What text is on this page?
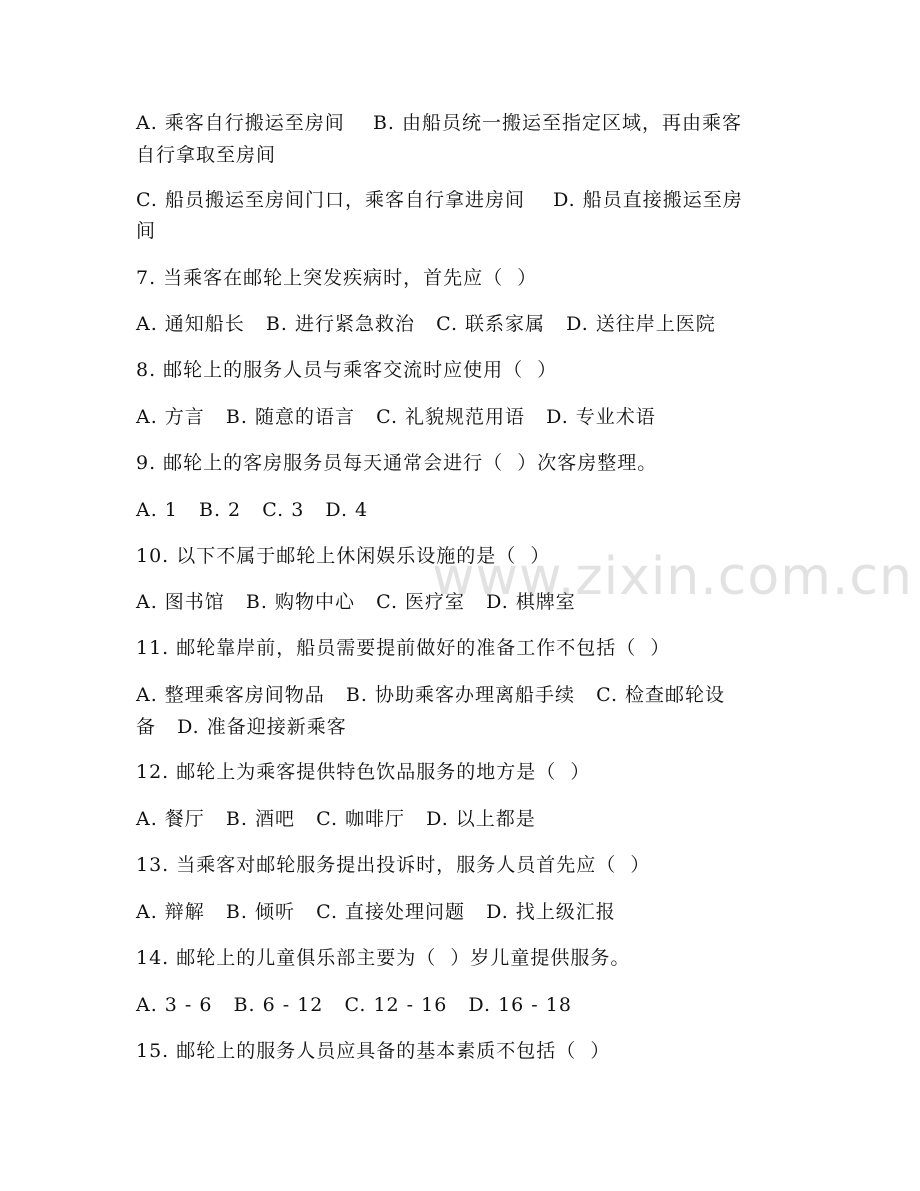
A. 乘客自行搬运至房间    B. 由船员统一搬运至指定区域，再由乘客
自行拿取至房间
C. 船员搬运至房间门口，乘客自行拿进房间    D. 船员直接搬运至房
间
7. 当乘客在邮轮上突发疾病时，首先应（  ）
A. 通知船长   B. 进行紧急救治   C. 联系家属   D. 送往岸上医院
8. 邮轮上的服务人员与乘客交流时应使用（  ）
A. 方言   B. 随意的语言   C. 礼貌规范用语   D. 专业术语
9. 邮轮上的客房服务员每天通常会进行（  ）次客房整理。
A. 1   B. 2   C. 3   D. 4
10. 以下不属于邮轮上休闲娱乐设施的是（  ）
A. 图书馆   B. 购物中心   C. 医疗室   D. 棋牌室
11. 邮轮靠岸前，船员需要提前做好的准备工作不包括（  ）
A. 整理乘客房间物品   B. 协助乘客办理离船手续   C. 检查邮轮设
备   D. 准备迎接新乘客
12. 邮轮上为乘客提供特色饮品服务的地方是（  ）
A. 餐厅   B. 酒吧   C. 咖啡厅   D. 以上都是
13. 当乘客对邮轮服务提出投诉时，服务人员首先应（  ）
A. 辩解   B. 倾听   C. 直接处理问题   D. 找上级汇报
14. 邮轮上的儿童俱乐部主要为（  ）岁儿童提供服务。
A. 3 - 6   B. 6 - 12   C. 12 - 16   D. 16 - 18
15. 邮轮上的服务人员应具备的基本素质不包括（  ）
www.zixin.com.cn
